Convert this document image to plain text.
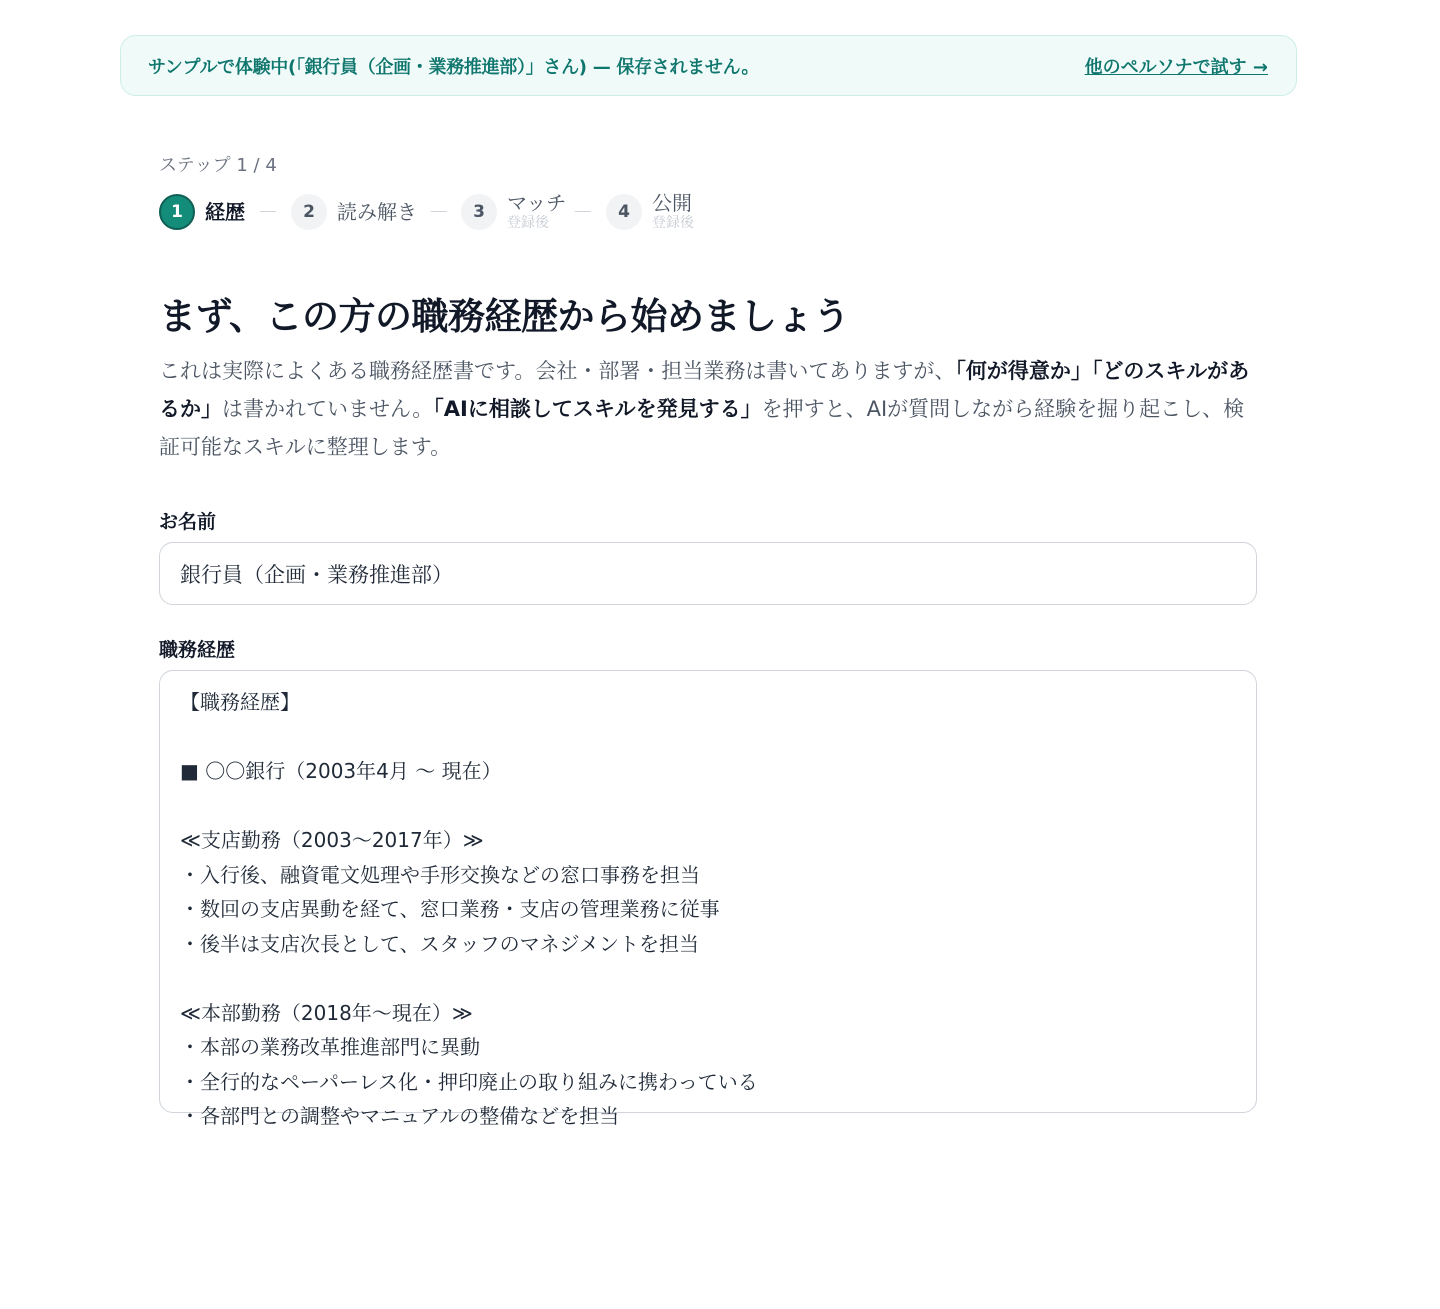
サンプルで体験中(「銀行員（企画・業務推進部）」さん) — 保存されません。	他のペルソナで試す →
ステップ 1 / 4
1	経歴	2	読み解き	3	マッチ
登録後
4	公開
登録後
まず、この方の職務経歴から始めましょう

これは実際によくある職務経歴書です。会社・部署・担当業務は書いてありますが、「何が得意か」「どのスキルがあるか」は書かれていません。「AIに相談してスキルを発見する」を押すと、AIが質問しながら経験を掘り起こし、検証可能なスキルに整理します。

お名前
銀行員（企画・業務推進部）
職務経歴
【職務経歴】
■ 〇〇銀行（2003年4月 〜 現在）
≪支店勤務（2003〜2017年）≫
・入行後、融資電文処理や手形交換などの窓口事務を担当
・数回の支店異動を経て、窓口業務・支店の管理業務に従事
・後半は支店次長として、スタッフのマネジメントを担当
≪本部勤務（2018年〜現在）≫
・本部の業務改革推進部門に異動
・全行的なペーパーレス化・押印廃止の取り組みに携わっている
・各部門との調整やマニュアルの整備などを担当
